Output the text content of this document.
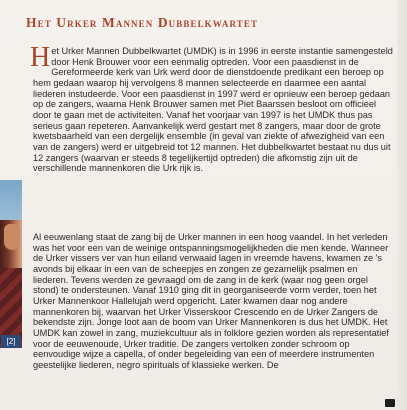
Het Urker Mannen Dubbelkwartet

Het Urker Mannen Dubbelkwartet (UMDK) is in 1996 in eerste instantie samengesteld door Henk Brouwer voor een eenmalig optreden. Voor een paasdienst in de Gereformeerde kerk van Urk werd door de dienstdoende predikant een beroep op hem gedaan waarop hij vervolgens 8 mannen selecteerde en daarmee een aantal liederen instudeerde. Voor een paasdienst in 1997 werd er opnieuw een beroep gedaan op de zangers, waarna Henk Brouwer samen met Piet Baarssen besloot om officieel door te gaan met de activiteiten. Vanaf het voorjaar van 1997 is het UMDK thus pas serieus gaan repeteren. Aanvankelijk werd gestart met 8 zangers, maar door de grote kwetsbaarheid van een dergelijk ensemble (in geval van ziekte of afwezigheid van een van de zangers) werd er uitgebreid tot 12 mannen. Het dubbelkwartet bestaat nu dus uit 12 zangers (waarvan er steeds 8 tegelijkertijd optreden) die afkomstig zijn uit de verschillende mannenkoren die Urk rijk is.

Al eeuwenlang staat de zang bij de Urker mannen in een hoog vaandel. In het verleden was het voor een van de weinige ontspanningsmogelijkheden die men kende. Wanneer de Urker vissers ver van hun eiland verwaaid lagen in vreemde havens, kwamen ze 's avonds bij elkaar in een van de scheepjes en zongen ze gezamelijk psalmen en liederen. Tevens werden ze gevraagd om de zang in de kerk (waar nog geen orgel stond) te ondersteunen. Vanaf 1910 ging dit in georganiseerde vorm verder, toen het Urker Mannenkoor Hallelujah werd opgericht. Later kwamen daar nog andere mannenkoren bij, waarvan het Urker Visserskoor Crescendo en de Urker Zangers de bekendste zijn. Jonge loot aan de boom van Urker Mannenkoren is dus het UMDK. Het UMDK kan zowel in zang, muziekcultuur als in folklore gezien worden als representatief voor de eeuwenoude, Urker traditie. De zangers vertolken zonder schroom op eenvoudige wijze a capella, of onder begeleiding van een of meerdere instrumenten geestelijke liederen, negro spirituals of klassieke werken. De

[2]
